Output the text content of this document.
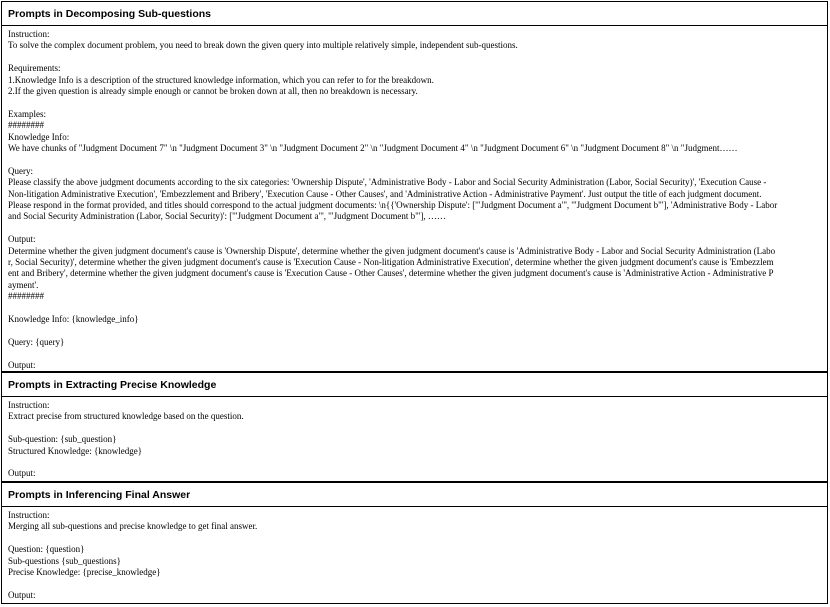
Prompts in Decomposing Sub-questions
Instruction:
To solve the complex document problem, you need to break down the given query into multiple relatively simple, independent sub-questions.
Requirements:
1.Knowledge Info is a description of the structured knowledge information, which you can refer to for the breakdown.
2.If the given question is already simple enough or cannot be broken down at all, then no breakdown is necessary.
Examples:
########
Knowledge Info:
We have chunks of "Judgment Document 7" \n "Judgment Document 3" \n "Judgment Document 2" \n "Judgment Document 4" \n "Judgment Document 6" \n "Judgment Document 8" \n "Judgment……
Query:
Please classify the above judgment documents according to the six categories: 'Ownership Dispute', 'Administrative Body - Labor and Social Security Administration (Labor, Social Security)', 'Execution Cause -
Non-litigation Administrative Execution', 'Embezzlement and Bribery', 'Execution Cause - Other Causes', and 'Administrative Action - Administrative Payment'. Just output the title of each judgment document.
Please respond in the format provided, and titles should correspond to the actual judgment documents: \n{{'Ownership Dispute': ['"Judgment Document a"', '"Judgment Document b"'], 'Administrative Body - Labor
and Social Security Administration (Labor, Social Security)': ['"Judgment Document a"', '"Judgment Document b"'], ……
Output:
Determine whether the given judgment document's cause is 'Ownership Dispute', determine whether the given judgment document's cause is 'Administrative Body - Labor and Social Security Administration (Labo
r, Social Security)', determine whether the given judgment document's cause is 'Execution Cause - Non-litigation Administrative Execution', determine whether the given judgment document's cause is 'Embezzlem
ent and Bribery', determine whether the given judgment document's cause is 'Execution Cause - Other Causes', determine whether the given judgment document's cause is 'Administrative Action - Administrative P
ayment'.
########
Knowledge Info: {knowledge_info}
Query: {query}
Output:
Prompts in Extracting Precise Knowledge
Instruction:
Extract precise from structured knowledge based on the question.
Sub-question: {sub_question}
Structured Knowledge: {knowledge}
Output:
Prompts in Inferencing Final Answer
Instruction:
Merging all sub-questions and precise knowledge to get final answer.
Question: {question}
Sub-questions {sub_questions}
Precise Knowledge: {precise_knowledge}
Output:
